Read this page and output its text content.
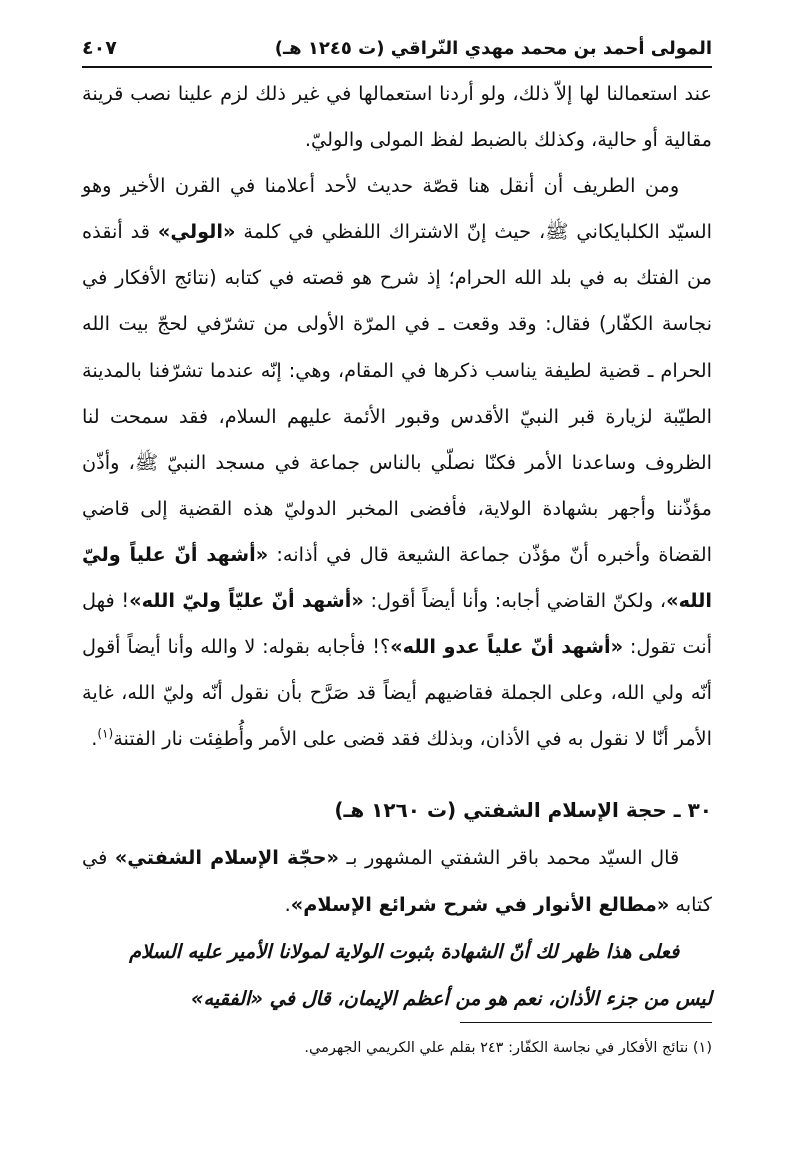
المولى أحمد بن محمد مهدي النّراقي (ت ١٢٤٥ هـ)
٤٠٧

عند استعمالنا لها إلاّ ذلك، ولو أردنا استعمالها في غير ذلك لزم علينا نصب قرينة مقالية أو حالية، وكذلك بالضبط لفظ المولى والوليّ.

ومن الطريف أن أنقل هنا قصّة حديث لأحد أعلامنا في القرن الأخير وهو السيّد الكلبايكاني ﷺ، حيث إنّ الاشتراك اللفظي في كلمة «الولي» قد أنقذه من الفتك به في بلد الله الحرام؛ إذ شرح هو قصته في كتابه (نتائج الأفكار في نجاسة الكفّار) فقال: وقد وقعت ـ في المرّة الأولى من تشرّفي لحجّ بيت الله الحرام ـ قضية لطيفة يناسب ذكرها في المقام، وهي: إنّه عندما تشرّفنا بالمدينة الطيّبة لزيارة قبر النبيّ الأقدس وقبور الأئمة عليهم السلام، فقد سمحت لنا الظروف وساعدنا الأمر فكنّا نصلّي بالناس جماعة في مسجد النبيّ ﷺ، وأذّن مؤذّننا وأجهر بشهادة الولاية، فأفضى المخبر الدوليّ هذه القضية إلى قاضي القضاة وأخبره أنّ مؤذّن جماعة الشيعة قال في أذانه: «أشهد أنّ علياً وليّ الله»، ولكنّ القاضي أجابه: وأنا أيضاً أقول: «أشهد أنّ عليّاً وليّ الله»! فهل أنت تقول: «أشهد أنّ علياً عدو الله»؟! فأجابه بقوله: لا والله وأنا أيضاً أقول أنّه ولي الله، وعلى الجملة فقاضيهم أيضاً قد صَرَّح بأن نقول أنّه وليّ الله، غاية الأمر أنّا لا نقول به في الأذان، وبذلك فقد قضى على الأمر وأُطفِئت نار الفتنة$^{(١)}$.

٣٠ ـ حجة الإسلام الشفتي (ت ١٢٦٠ هـ)

قال السيّد محمد باقر الشفتي المشهور بـ «حجّة الإسلام الشفتي» في كتابه «مطالع الأنوار في شرح شرائع الإسلام».

فعلى هذا ظهر لك أنّ الشهادة بثبوت الولاية لمولانا الأمير عليه السلام

ليس من جزء الأذان، نعم هو من أعظم الإيمان، قال في «الفقيه»

(١) نتائج الأفكار في نجاسة الكفّار: ٢٤٣ بقلم علي الكريمي الجهرمي.
